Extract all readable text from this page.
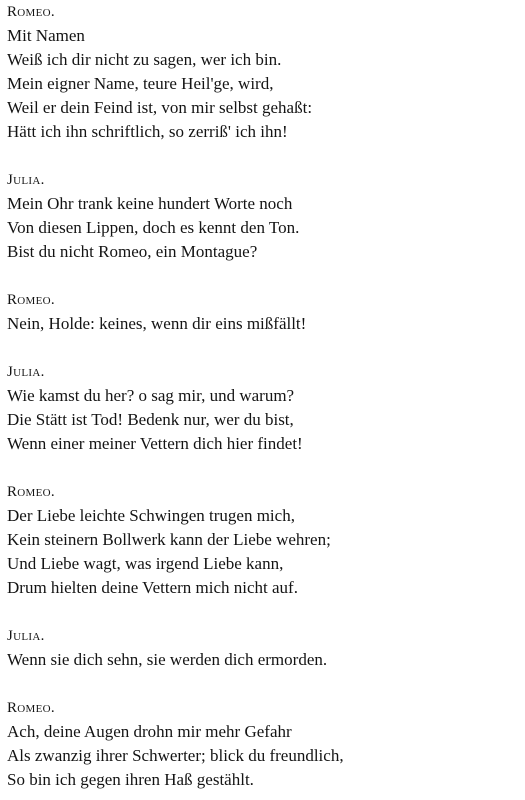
Romeo.
Mit Namen
Weiß ich dir nicht zu sagen, wer ich bin.
Mein eigner Name, teure Heil'ge, wird,
Weil er dein Feind ist, von mir selbst gehaßt:
Hätt ich ihn schriftlich, so zerriß' ich ihn!
Julia.
Mein Ohr trank keine hundert Worte noch
Von diesen Lippen, doch es kennt den Ton.
Bist du nicht Romeo, ein Montague?
Romeo.
Nein, Holde: keines, wenn dir eins mißfällt!
Julia.
Wie kamst du her? o sag mir, und warum?
Die Stätt ist Tod! Bedenk nur, wer du bist,
Wenn einer meiner Vettern dich hier findet!
Romeo.
Der Liebe leichte Schwingen trugen mich,
Kein steinern Bollwerk kann der Liebe wehren;
Und Liebe wagt, was irgend Liebe kann,
Drum hielten deine Vettern mich nicht auf.
Julia.
Wenn sie dich sehn, sie werden dich ermorden.
Romeo.
Ach, deine Augen drohn mir mehr Gefahr
Als zwanzig ihrer Schwerter; blick du freundlich,
So bin ich gegen ihren Haß gestählt.
